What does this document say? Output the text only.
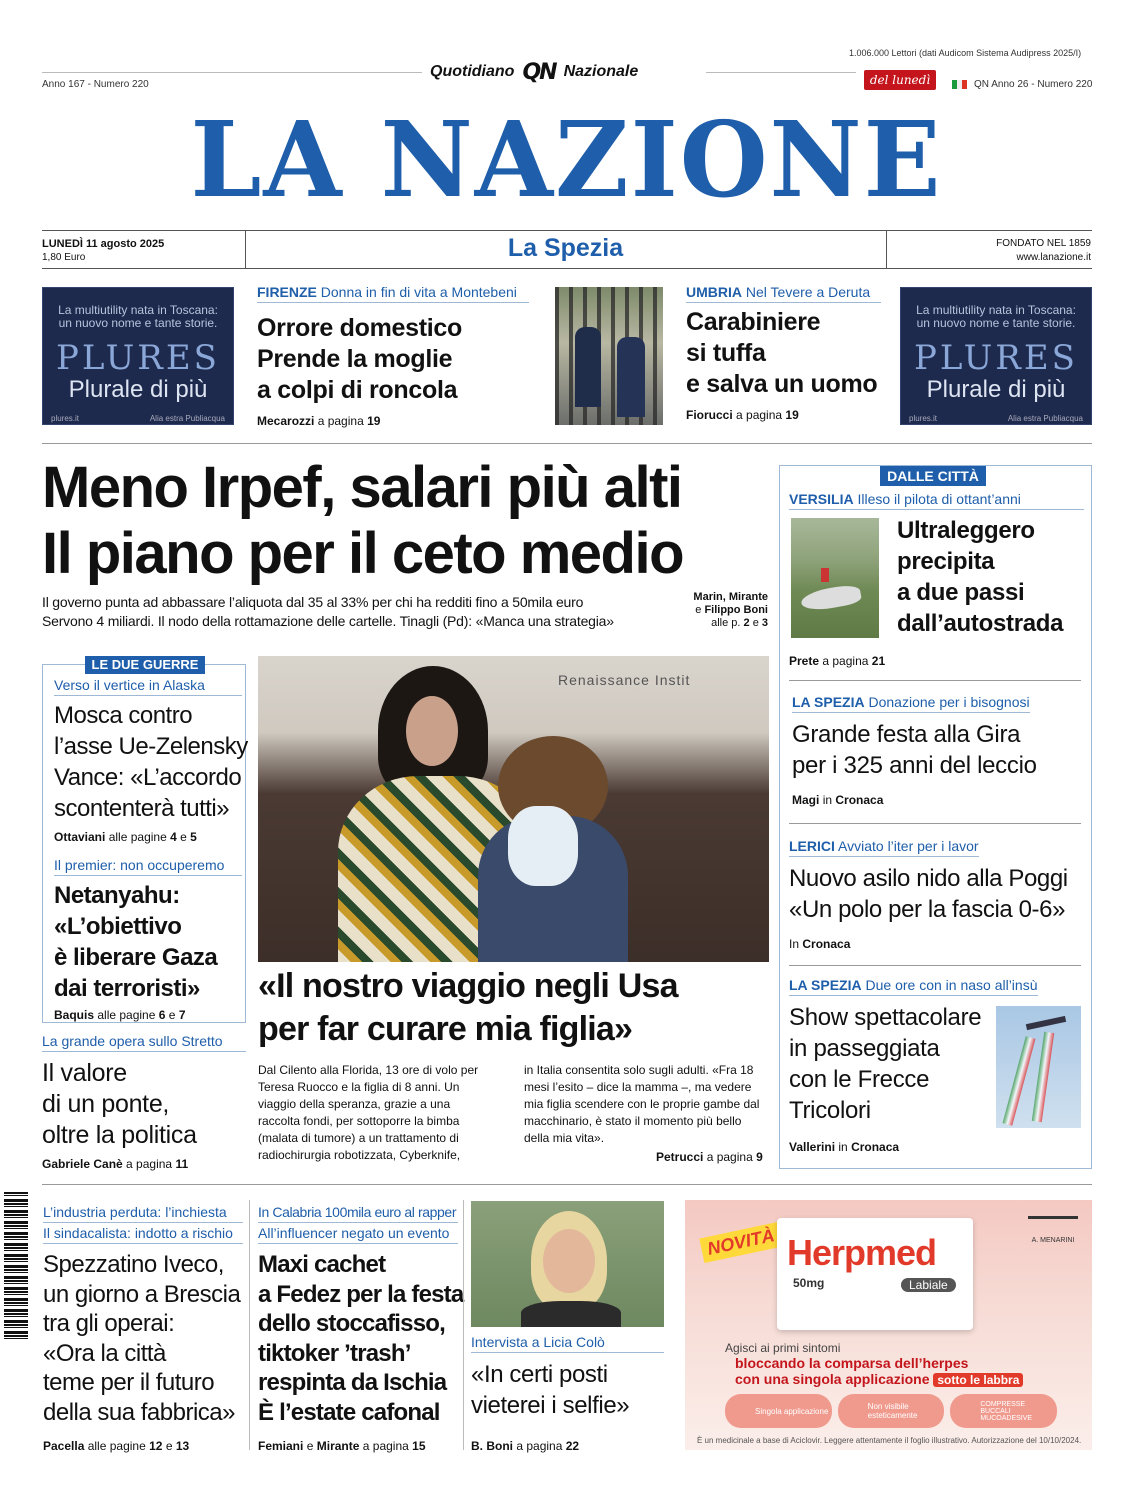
Anno 167 - Numero 220
Quotidiano QN Nazionale
1.006.000 Lettori (dati Audicom Sistema Audipress 2025/I)
del lunedì	QN Anno 26 - Numero 220
LA NAZIONE
LUNEDÌ 11 agosto 2025
1,80 Euro	La Spezia	FONDATO NEL 1859
www.lanazione.it
La multiutility nata in Toscana:
un nuovo nome e tante storie.
PLURES
Plurale di più
plures.it	Alia estra Publiacqua
La multiutility nata in Toscana:
un nuovo nome e tante storie.
PLURES
Plurale di più
plures.it	Alia estra Publiacqua
FIRENZE Donna in fin di vita a Montebeni
Orrore domestico
Prende la moglie
a colpi di roncola
Mecarozzi a pagina 19
UMBRIA Nel Tevere a Deruta
Carabiniere
si tuffa
e salva un uomo
Fiorucci a pagina 19
Meno Irpef, salari più alti
Il piano per il ceto medio
Il governo punta ad abbassare l’aliquota dal 35 al 33% per chi ha redditi fino a 50mila euro
Servono 4 miliardi. Il nodo della rottamazione delle cartelle. Tinagli (Pd): «Manca una strategia»
Marin, Mirante
e Filippo Boni
alle p. 2 e 3
DALLE CITTÀ
VERSILIA Illeso il pilota di ottant’anni
Ultraleggero
precipita
a due passi
dall’autostrada
Prete a pagina 21
LA SPEZIA Donazione per i bisognosi
Grande festa alla Gira
per i 325 anni del leccio
Magi in Cronaca
LERICI Avviato l’iter per i lavor
Nuovo asilo nido alla Poggi
«Un polo per la fascia 0-6»
In Cronaca
LA SPEZIA Due ore con in naso all’insù
Show spettacolare
in passeggiata
con le Frecce
Tricolori
Vallerini in Cronaca
LE DUE GUERRE
Verso il vertice in Alaska
Mosca contro
l’asse Ue-Zelensky
Vance: «L’accordo
scontenterà tutti»
Ottaviani alle pagine 4 e 5
Il premier: non occuperemo
Netanyahu:
«L’obiettivo
è liberare Gaza
dai terroristi»
Baquis alle pagine 6 e 7
La grande opera sullo Stretto
Il valore
di un ponte,
oltre la politica
Gabriele Canè a pagina 11
Renaissance Instit
«Il nostro viaggio negli Usa
per far curare mia figlia»
Dal Cilento alla Florida, 13 ore di volo per Teresa Ruocco e la figlia di 8 anni. Un viaggio della speranza, grazie a una raccolta fondi, per sottoporre la bimba (malata di tumore) a un trattamento di radiochirurgia robotizzata, Cyberknife,
in Italia consentita solo sugli adulti. «Fra 18 mesi l’esito – dice la mamma –, ma vedere mia figlia scendere con le proprie gambe dal macchinario, è stato il momento più bello della mia vita».
Petrucci a pagina 9
L’industria perduta: l’inchiesta
Il sindacalista: indotto a rischio
Spezzatino Iveco,
un giorno a Brescia
tra gli operai:
«Ora la città
teme per il futuro
della sua fabbrica»
Pacella alle pagine 12 e 13
In Calabria 100mila euro al rapper
All’influencer negato un evento
Maxi cachet
a Fedez per la festa
dello stoccafisso,
tiktoker ’trash’
respinta da Ischia
È l’estate cafonal
Femiani e Mirante a pagina 15
Intervista a Licia Colò
«In certi posti
vieterei i selfie»
B. Boni a pagina 22
NOVITÀ Herpmed
50mg	Labiale
A. MENARINI
Agisci ai primi sintomi
bloccando la comparsa dell’herpes
con una singola applicazione sotto le labbra
Singola applicazione	Non visibile esteticamente
COMPRESSE BUCCALI MUCOADESIVE
È un medicinale a base di Aciclovir. Leggere attentamente il foglio illustrativo. Autorizzazione del 10/10/2024.
